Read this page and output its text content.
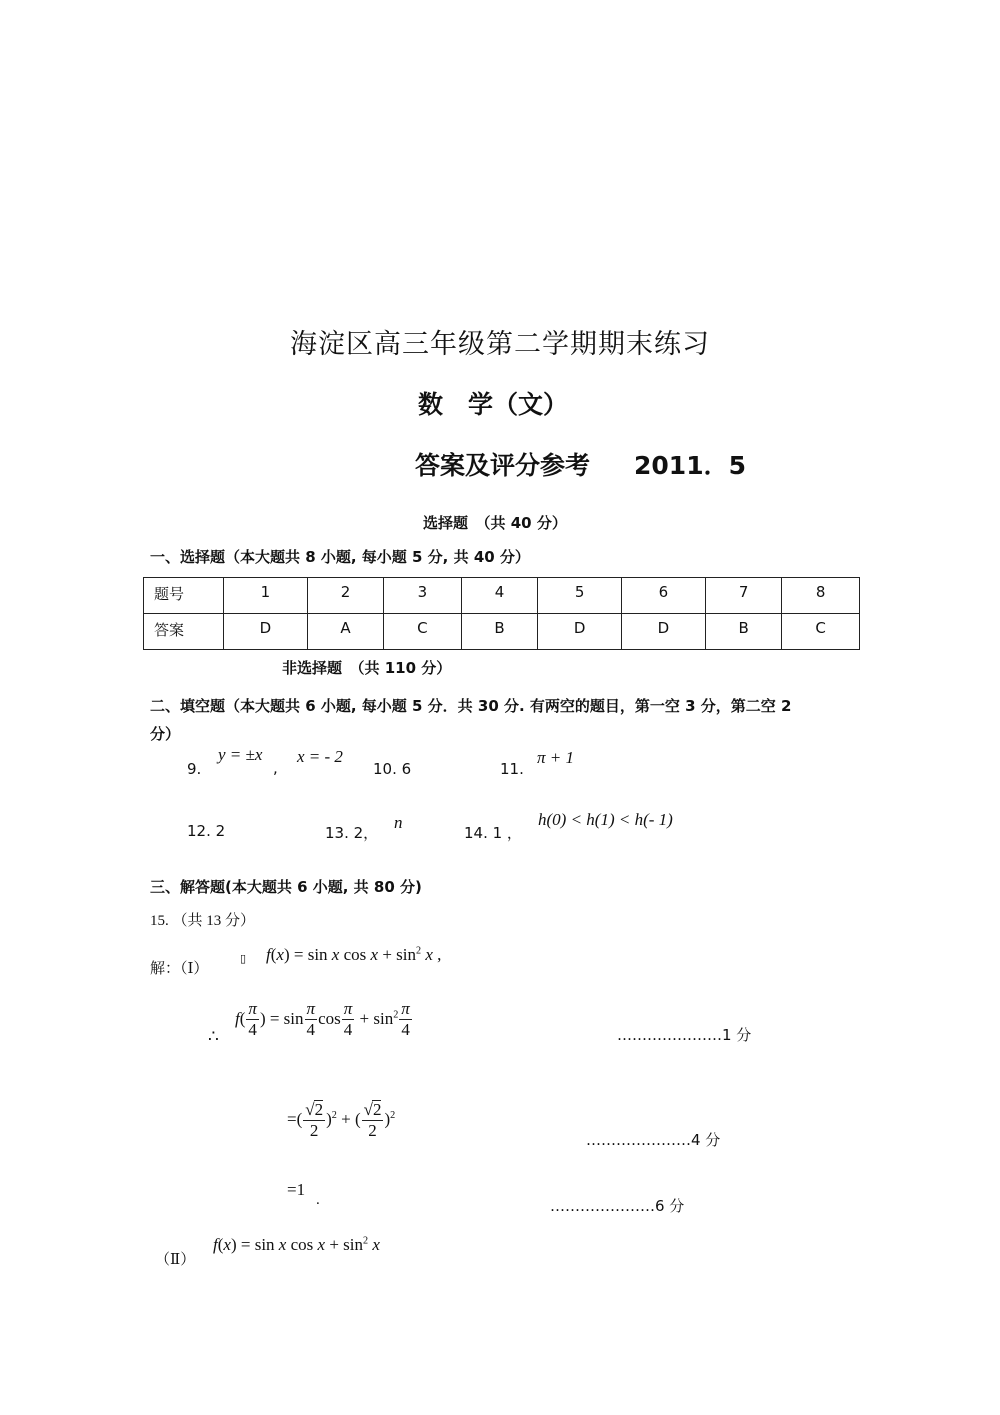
海淀区高三年级第二学期期末练习
数　学（文）
答案及评分参考 2011．5
选择题　（共 40 分）
一、选择题（本大题共 8 小题, 每小题 5 分, 共 40 分）
题号	1	2	3	4	5	6	7	8
答案	D	A	C	B	D	D	B	C
非选择题　（共 110 分）
二、填空题（本大题共 6 小题, 每小题 5 分．共 30 分. 有两空的题目，第一空 3 分，第二空 2
分）
9.
y = ±x
,
x = - 2
10. 6	11.
π + 1
12. 2	13. 2，
n
14. 1 ，
h(0) < h(1) < h(- 1)
三、解答题(本大题共 6 小题, 共 80 分)
15. （共 13 分）
解：（Ⅰ）
▯ f(x) = sin x $\cos x + \sin^2 x$ ,
∴
$f( \frac{\pi}{4}$ ) = $\sin \frac{\pi}{4}$ $\cos \frac{\pi}{4} + \sin^2 \frac{\pi}{4}$	…………………1 分
=( $\frac{√2}{2} )^2$ + ( $\frac{√2}{2} )^2$
…………………4 分
=1
.	…………………6 分
（Ⅱ）
f(x) = sin x $\cos x + \sin^2 x$
